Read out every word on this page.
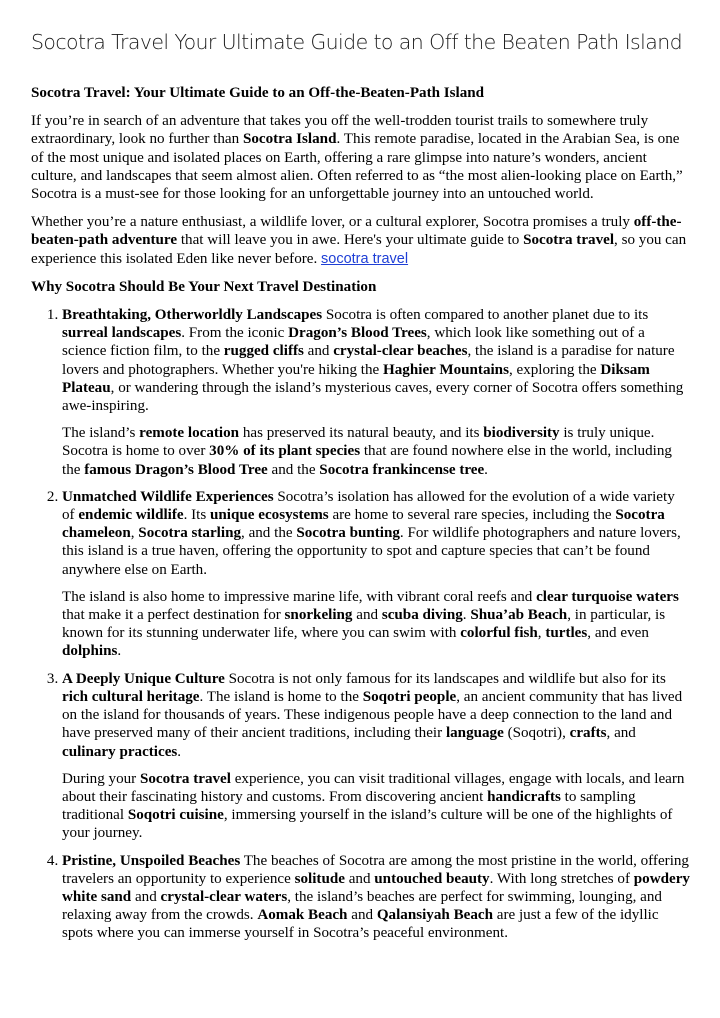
Socotra Travel Your Ultimate Guide to an Off the Beaten Path Island

Socotra Travel: Your Ultimate Guide to an Off-the-Beaten-Path Island

If you’re in search of an adventure that takes you off the well-trodden tourist trails to somewhere truly extraordinary, look no further than Socotra Island. This remote paradise, located in the Arabian Sea, is one of the most unique and isolated places on Earth, offering a rare glimpse into nature’s wonders, ancient culture, and landscapes that seem almost alien. Often referred to as “the most alien-looking place on Earth,” Socotra is a must-see for those looking for an unforgettable journey into an untouched world.

Whether you’re a nature enthusiast, a wildlife lover, or a cultural explorer, Socotra promises a truly off-the-beaten-path adventure that will leave you in awe. Here's your ultimate guide to Socotra travel, so you can experience this isolated Eden like never before. socotra travel

Why Socotra Should Be Your Next Travel Destination

1. Breathtaking, Otherworldly Landscapes Socotra is often compared to another planet due to its surreal landscapes. From the iconic Dragon’s Blood Trees, which look like something out of a science fiction film, to the rugged cliffs and crystal-clear beaches, the island is a paradise for nature lovers and photographers. Whether you're hiking the Haghier Mountains, exploring the Diksam Plateau, or wandering through the island’s mysterious caves, every corner of Socotra offers something awe-inspiring.

The island’s remote location has preserved its natural beauty, and its biodiversity is truly unique. Socotra is home to over 30% of its plant species that are found nowhere else in the world, including the famous Dragon’s Blood Tree and the Socotra frankincense tree.

2. Unmatched Wildlife Experiences Socotra’s isolation has allowed for the evolution of a wide variety of endemic wildlife. Its unique ecosystems are home to several rare species, including the Socotra chameleon, Socotra starling, and the Socotra bunting. For wildlife photographers and nature lovers, this island is a true haven, offering the opportunity to spot and capture species that can’t be found anywhere else on Earth.

The island is also home to impressive marine life, with vibrant coral reefs and clear turquoise waters that make it a perfect destination for snorkeling and scuba diving. Shua’ab Beach, in particular, is known for its stunning underwater life, where you can swim with colorful fish, turtles, and even dolphins.

3. A Deeply Unique Culture Socotra is not only famous for its landscapes and wildlife but also for its rich cultural heritage. The island is home to the Soqotri people, an ancient community that has lived on the island for thousands of years. These indigenous people have a deep connection to the land and have preserved many of their ancient traditions, including their language (Soqotri), crafts, and culinary practices.

During your Socotra travel experience, you can visit traditional villages, engage with locals, and learn about their fascinating history and customs. From discovering ancient handicrafts to sampling traditional Soqotri cuisine, immersing yourself in the island’s culture will be one of the highlights of your journey.

4. Pristine, Unspoiled Beaches The beaches of Socotra are among the most pristine in the world, offering travelers an opportunity to experience solitude and untouched beauty. With long stretches of powdery white sand and crystal-clear waters, the island’s beaches are perfect for swimming, lounging, and relaxing away from the crowds. Aomak Beach and Qalansiyah Beach are just a few of the idyllic spots where you can immerse yourself in Socotra’s peaceful environment.
